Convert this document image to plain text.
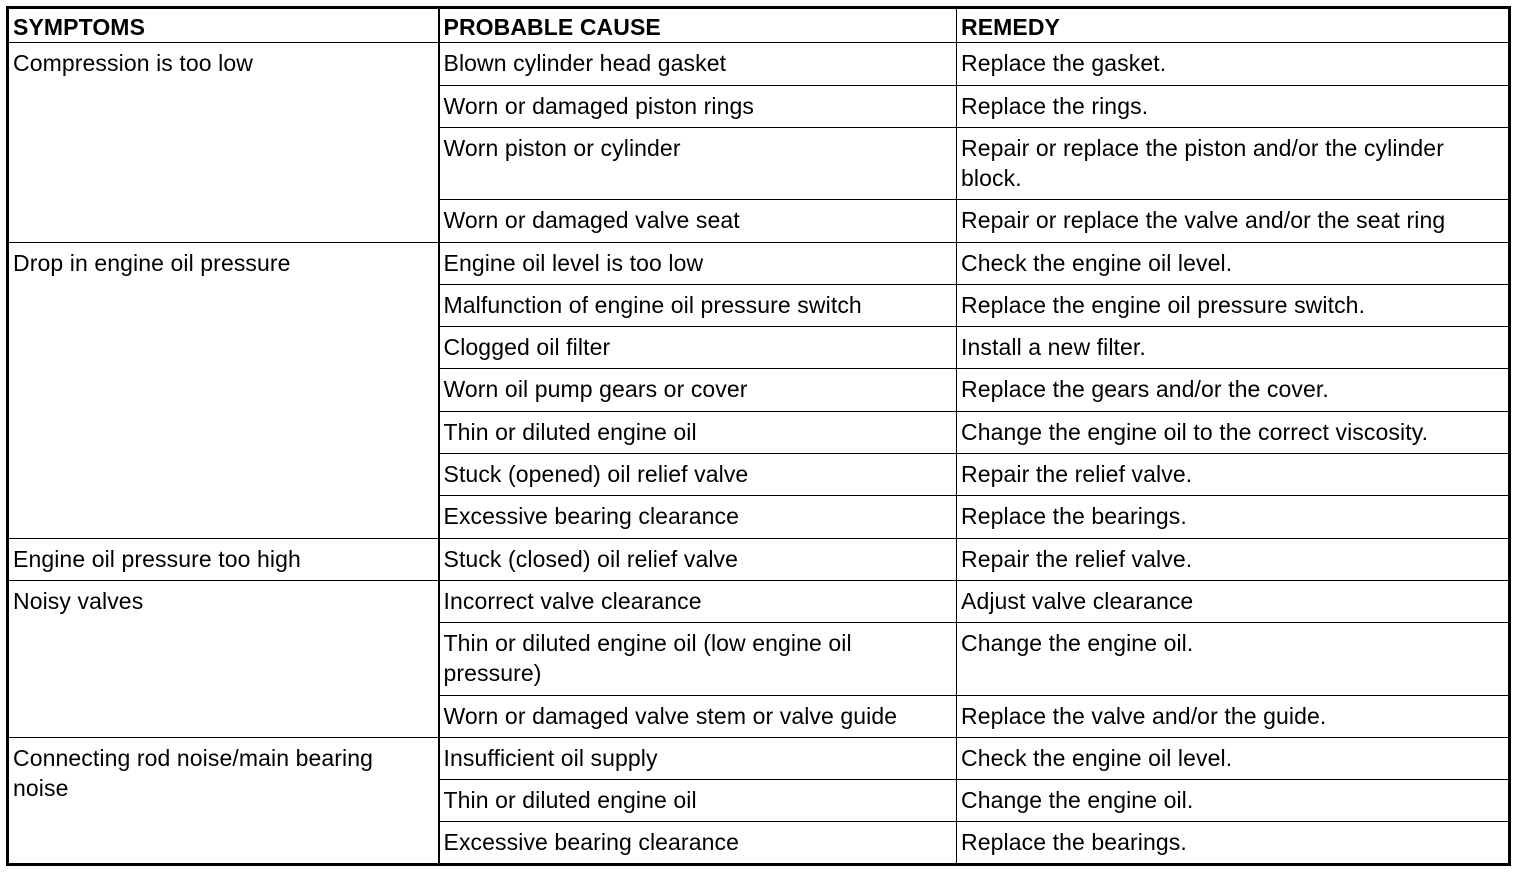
SYMPTOMS	PROBABLE CAUSE	REMEDY
Compression is too low	Blown cylinder head gasket	Replace the gasket.
	Worn or damaged piston rings	Replace the rings.
	Worn piston or cylinder	Repair or replace the piston and/or the cylinder block.
	Worn or damaged valve seat	Repair or replace the valve and/or the seat ring
Drop in engine oil pressure	Engine oil level is too low	Check the engine oil level.
	Malfunction of engine oil pressure switch	Replace the engine oil pressure switch.
	Clogged oil filter	Install a new filter.
	Worn oil pump gears or cover	Replace the gears and/or the cover.
	Thin or diluted engine oil	Change the engine oil to the correct viscosity.
	Stuck (opened) oil relief valve	Repair the relief valve.
	Excessive bearing clearance	Replace the bearings.
Engine oil pressure too high	Stuck (closed) oil relief valve	Repair the relief valve.
Noisy valves	Incorrect valve clearance	Adjust valve clearance
	Thin or diluted engine oil (low engine oil pressure)	Change the engine oil.
	Worn or damaged valve stem or valve guide	Replace the valve and/or the guide.
Connecting rod noise/main bearing noise	Insufficient oil supply	Check the engine oil level.
	Thin or diluted engine oil	Change the engine oil.
	Excessive bearing clearance	Replace the bearings.
